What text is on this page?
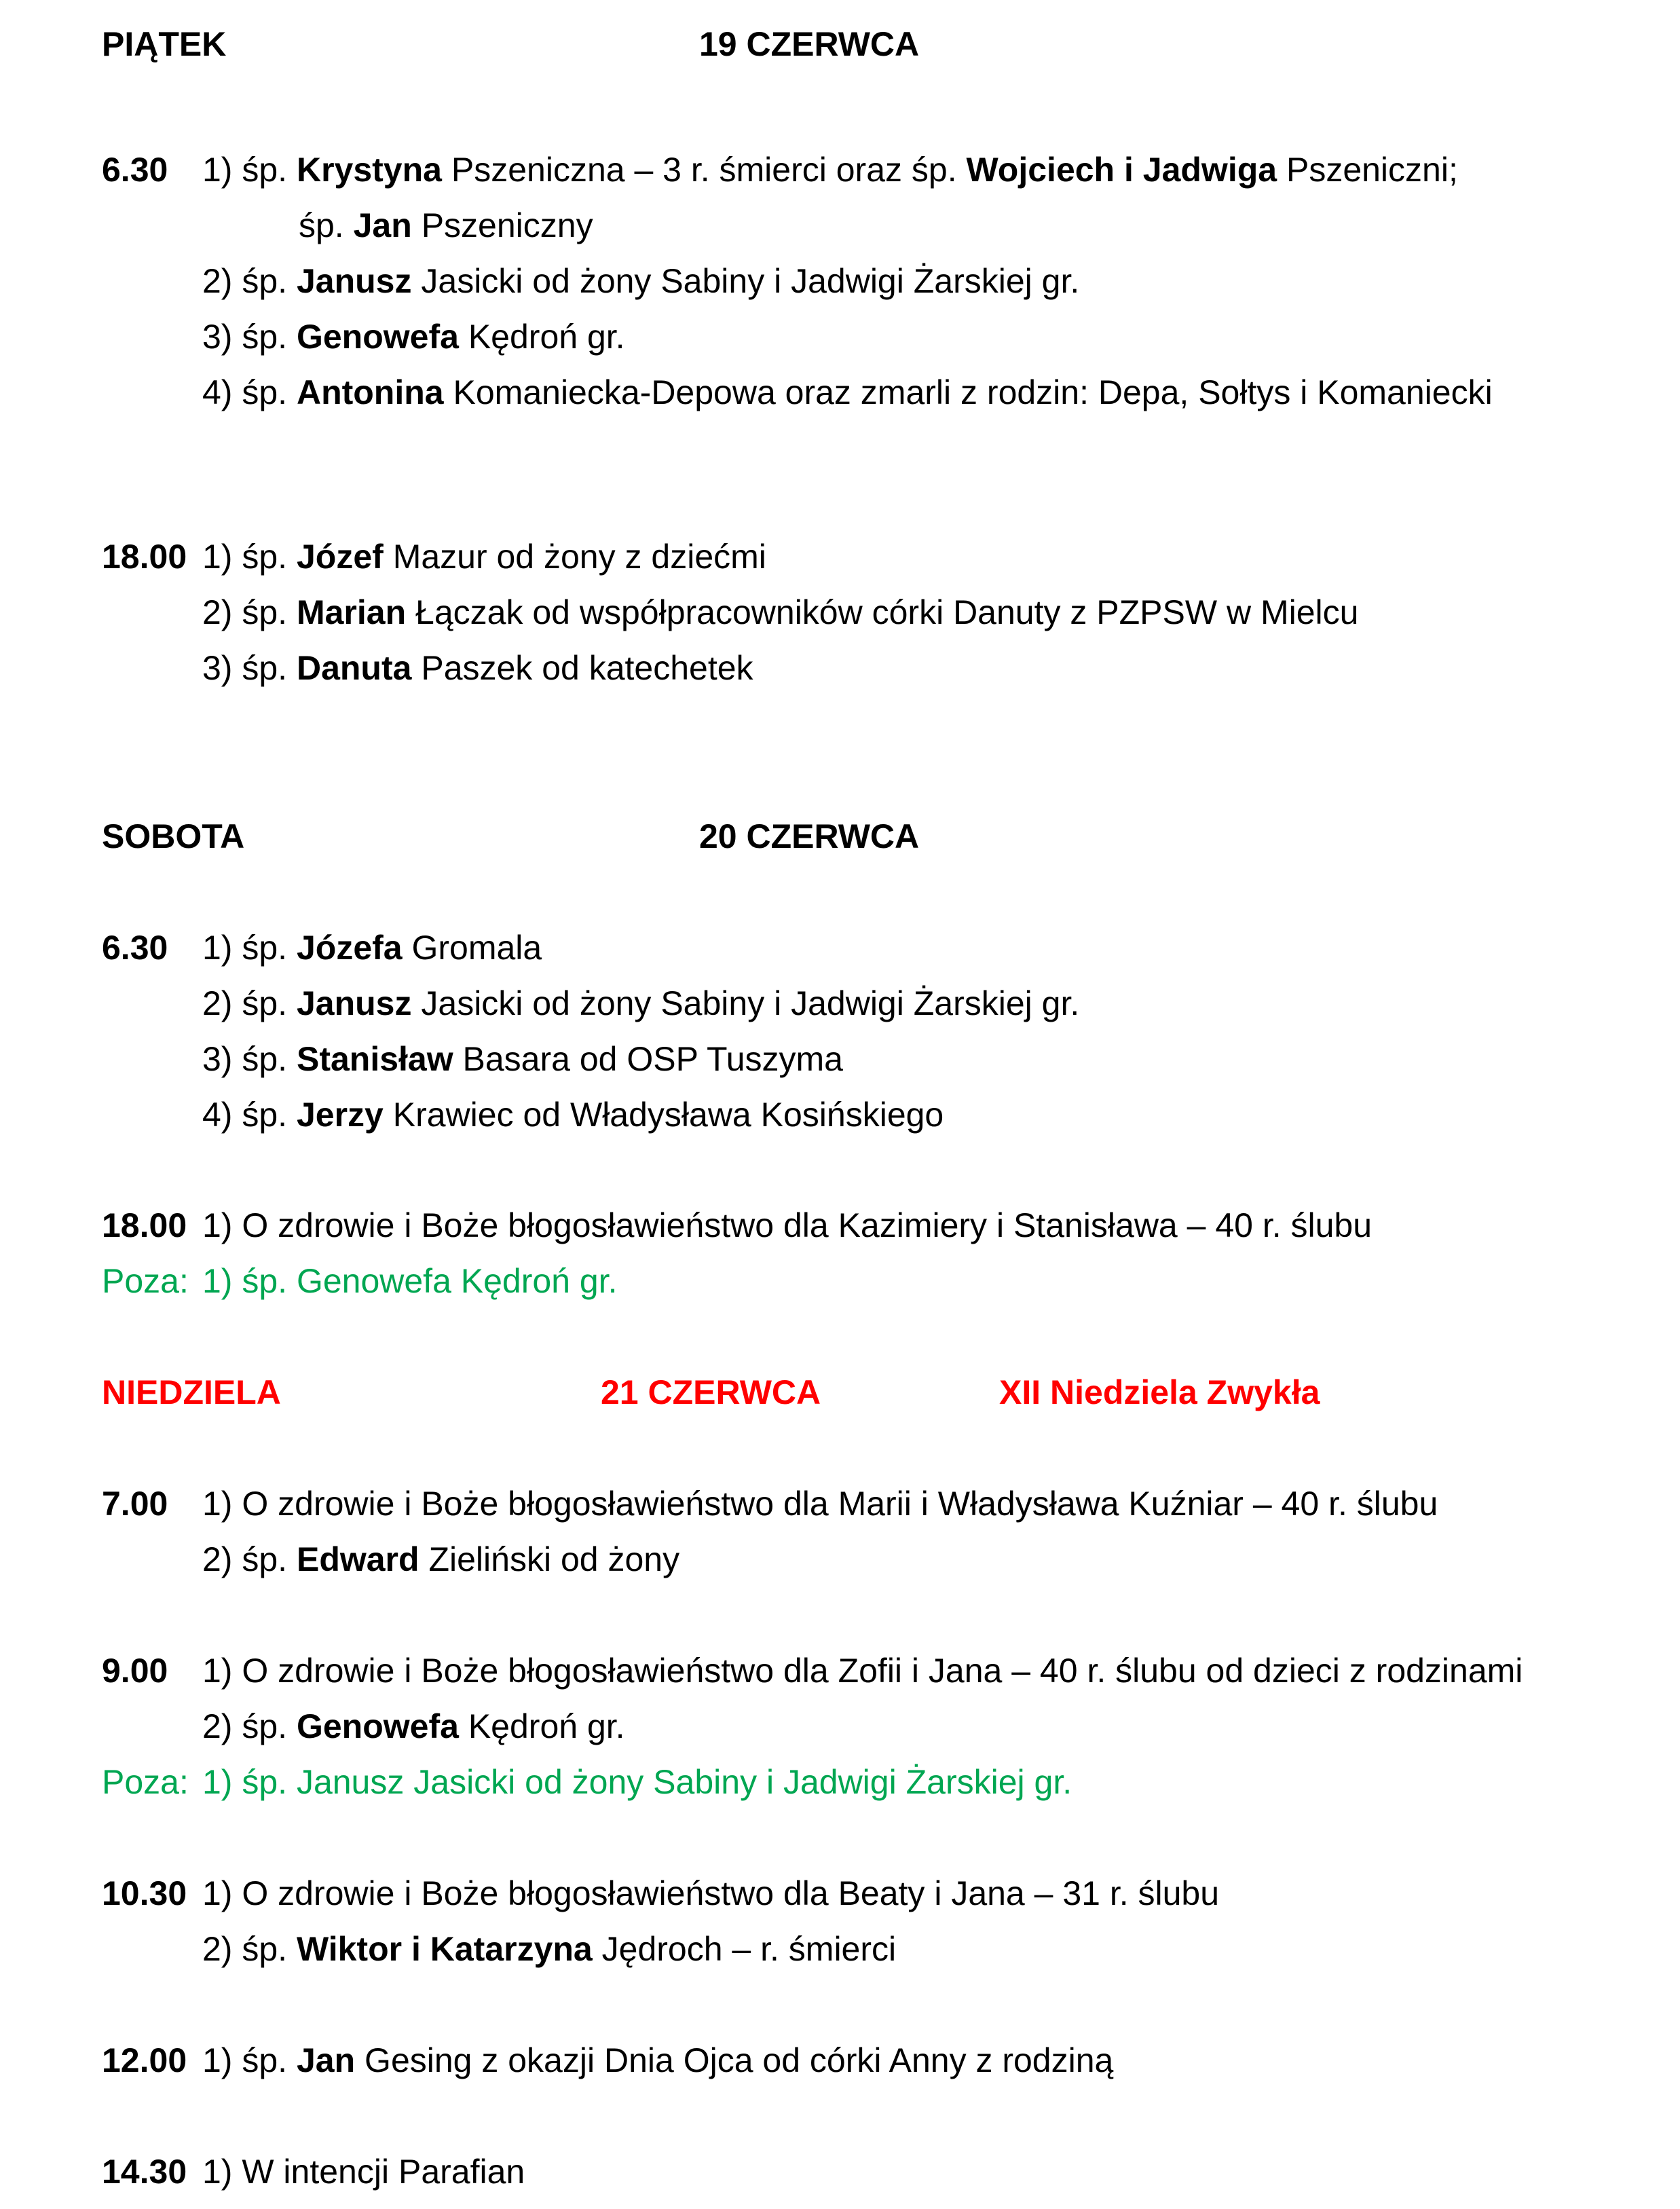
PIĄTEK	19 CZERWCA
6.30 1) śp. Krystyna Pszeniczna – 3 r. śmierci oraz śp. Wojciech i Jadwiga Pszeniczni;
śp. Jan Pszeniczny
2) śp. Janusz Jasicki od żony Sabiny i Jadwigi Żarskiej gr.
3) śp. Genowefa Kędroń gr.
4) śp. Antonina Komaniecka-Depowa oraz zmarli z rodzin: Depa, Sołtys i Komaniecki
18.00 1) śp. Józef Mazur od żony z dziećmi
2) śp. Marian Łączak od współpracowników córki Danuty z PZPSW w Mielcu
3) śp. Danuta Paszek od katechetek
SOBOTA	20 CZERWCA
6.30 1) śp. Józefa Gromala
2) śp. Janusz Jasicki od żony Sabiny i Jadwigi Żarskiej gr.
3) śp. Stanisław Basara od OSP Tuszyma
4) śp. Jerzy Krawiec od Władysława Kosińskiego
18.00 1) O zdrowie i Boże błogosławieństwo dla Kazimiery i Stanisława – 40 r. ślubu
Poza: 1) śp. Genowefa Kędroń gr.
NIEDZIELA	21 CZERWCA	XII Niedziela Zwykła
7.00 1) O zdrowie i Boże błogosławieństwo dla Marii i Władysława Kuźniar – 40 r. ślubu
2) śp. Edward Zieliński od żony
9.00 1) O zdrowie i Boże błogosławieństwo dla Zofii i Jana – 40 r. ślubu od dzieci z rodzinami
2) śp. Genowefa Kędroń gr.
Poza: 1) śp. Janusz Jasicki od żony Sabiny i Jadwigi Żarskiej gr.
10.30 1) O zdrowie i Boże błogosławieństwo dla Beaty i Jana – 31 r. ślubu
2) śp. Wiktor i Katarzyna Jędroch – r. śmierci
12.00 1) śp. Jan Gesing z okazji Dnia Ojca od córki Anny z rodziną
14.30 1) W intencji Parafian
